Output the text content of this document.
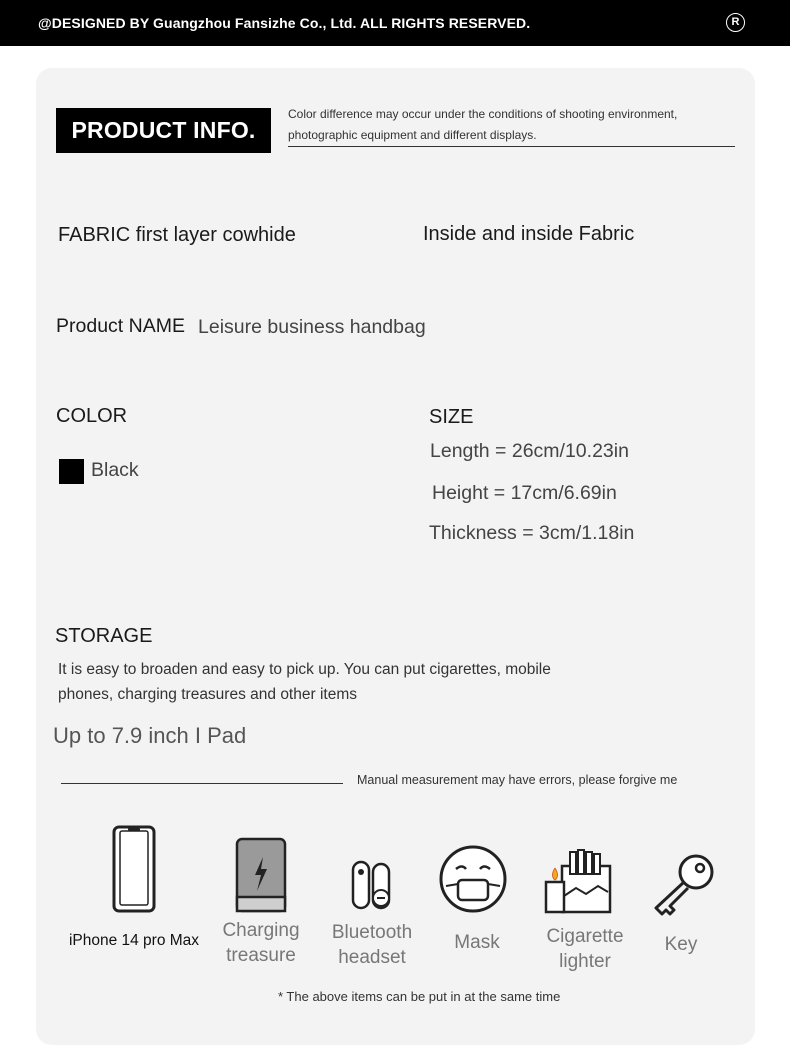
@DESIGNED BY Guangzhou Fansizhe Co., Ltd. ALL RIGHTS RESERVED.	R
PRODUCT INFO.
Color difference may occur under the conditions of shooting environment,
photographic equipment and different displays.
FABRIC first layer cowhide	Inside and inside Fabric
Product NAME Leisure business handbag
COLOR
Black
SIZE
Length = 26cm/10.23in
Height = 17cm/6.69in
Thickness = 3cm/1.18in
STORAGE
It is easy to broaden and easy to pick up. You can put cigarettes, mobile
phones, charging treasures and other items
Up to 7.9 inch I Pad
Manual measurement may have errors, please forgive me
iPhone 14 pro Max	Charging treasure
Bluetooth headset
Mask	Cigarette lighter
Key
* The above items can be put in at the same time
